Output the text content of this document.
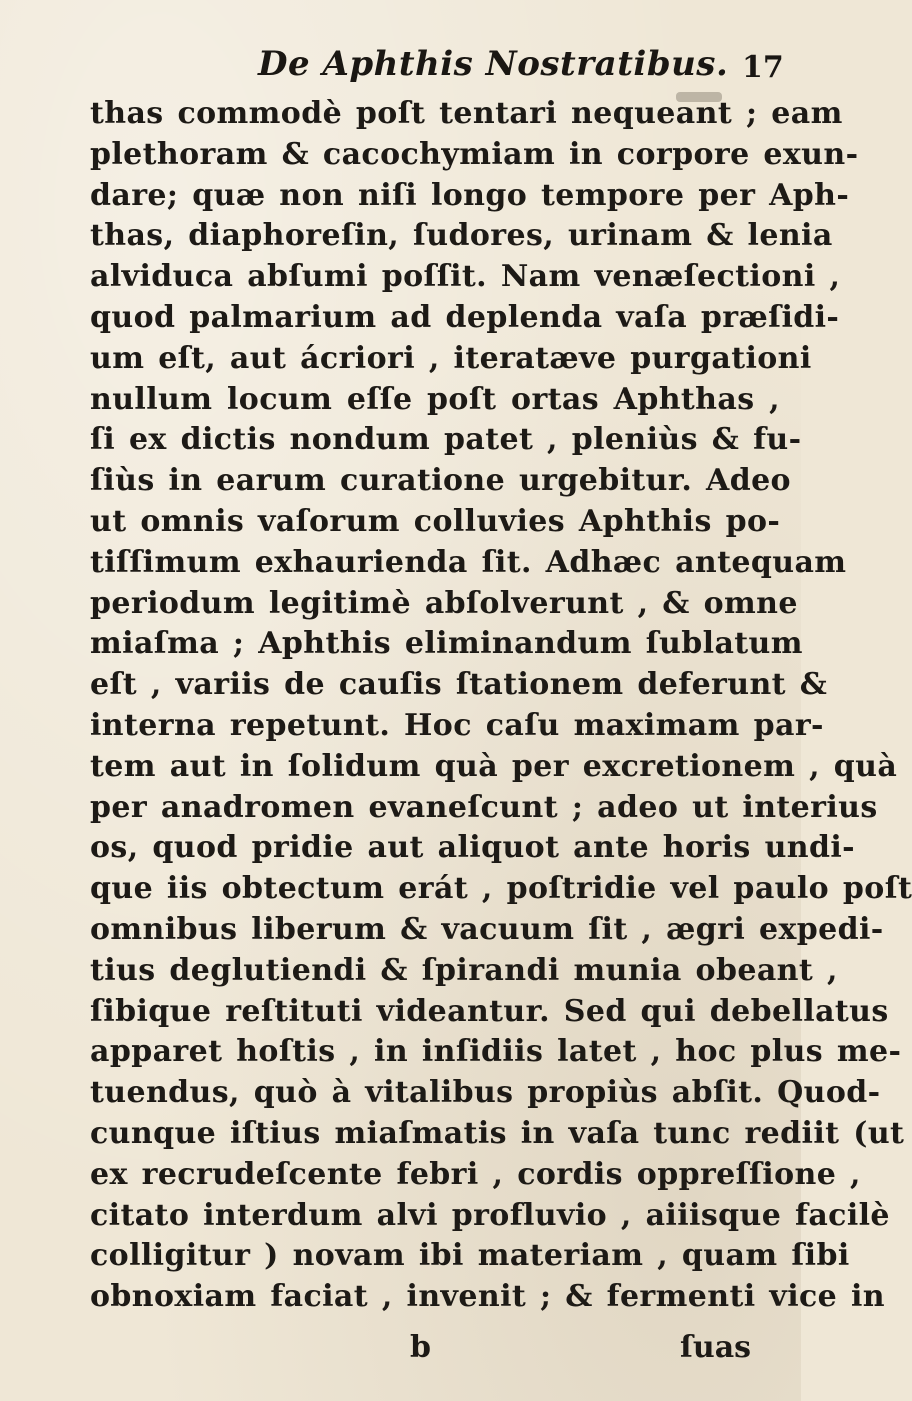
De Aphthis Nostratibus. 17
thas commodè poſt tentari nequeant ; eam
plethoram & cacochymiam in corpore exun-
dare; quæ non niſi longo tempore per Aph-
thas, diaphoreſin, ſudores, urinam & lenia
alviduca abſumi poſſit. Nam venæſectioni ,
quod palmarium ad deplenda vaſa præſidi-
um eſt, aut ácriori , iteratæve purgationi
nullum locum eſſe poſt ortas Aphthas ,
ſi ex dictis nondum patet , pleniùs & fu-
ſiùs in earum curatione urgebitur. Adeo
ut omnis vaſorum colluvies Aphthis po-
tiſſimum exhaurienda ſit. Adhæc antequam
periodum legitimè abſolverunt , & omne
miaſma ; Aphthis eliminandum ſublatum
eſt , variis de cauſis ſtationem deferunt &
interna repetunt. Hoc caſu maximam par-
tem aut in ſolidum quà per excretionem , quà
per anadromen evaneſcunt ; adeo ut interius
os, quod pridie aut aliquot ante horis undi-
que iis obtectum erát , poſtridie vel paulo poſt
omnibus liberum & vacuum ſit , ægri expedi-
tius deglutiendi & ſpirandi munia obeant ,
ſibique reſtituti videantur. Sed qui debellatus
apparet hoſtis , in inſidiis latet , hoc plus me-
tuendus, quò à vitalibus propiùs abſit. Quod-
cunque iſtius miaſmatis in vaſa tunc rediit (ut
ex recrudeſcente febri , cordis oppreſſione ,
citato interdum alvi profluvio , aiiisque facilè
colligitur ) novam ibi materiam , quam ſibi
obnoxiam faciat , invenit ; & fermenti vice in
b	ſuas
